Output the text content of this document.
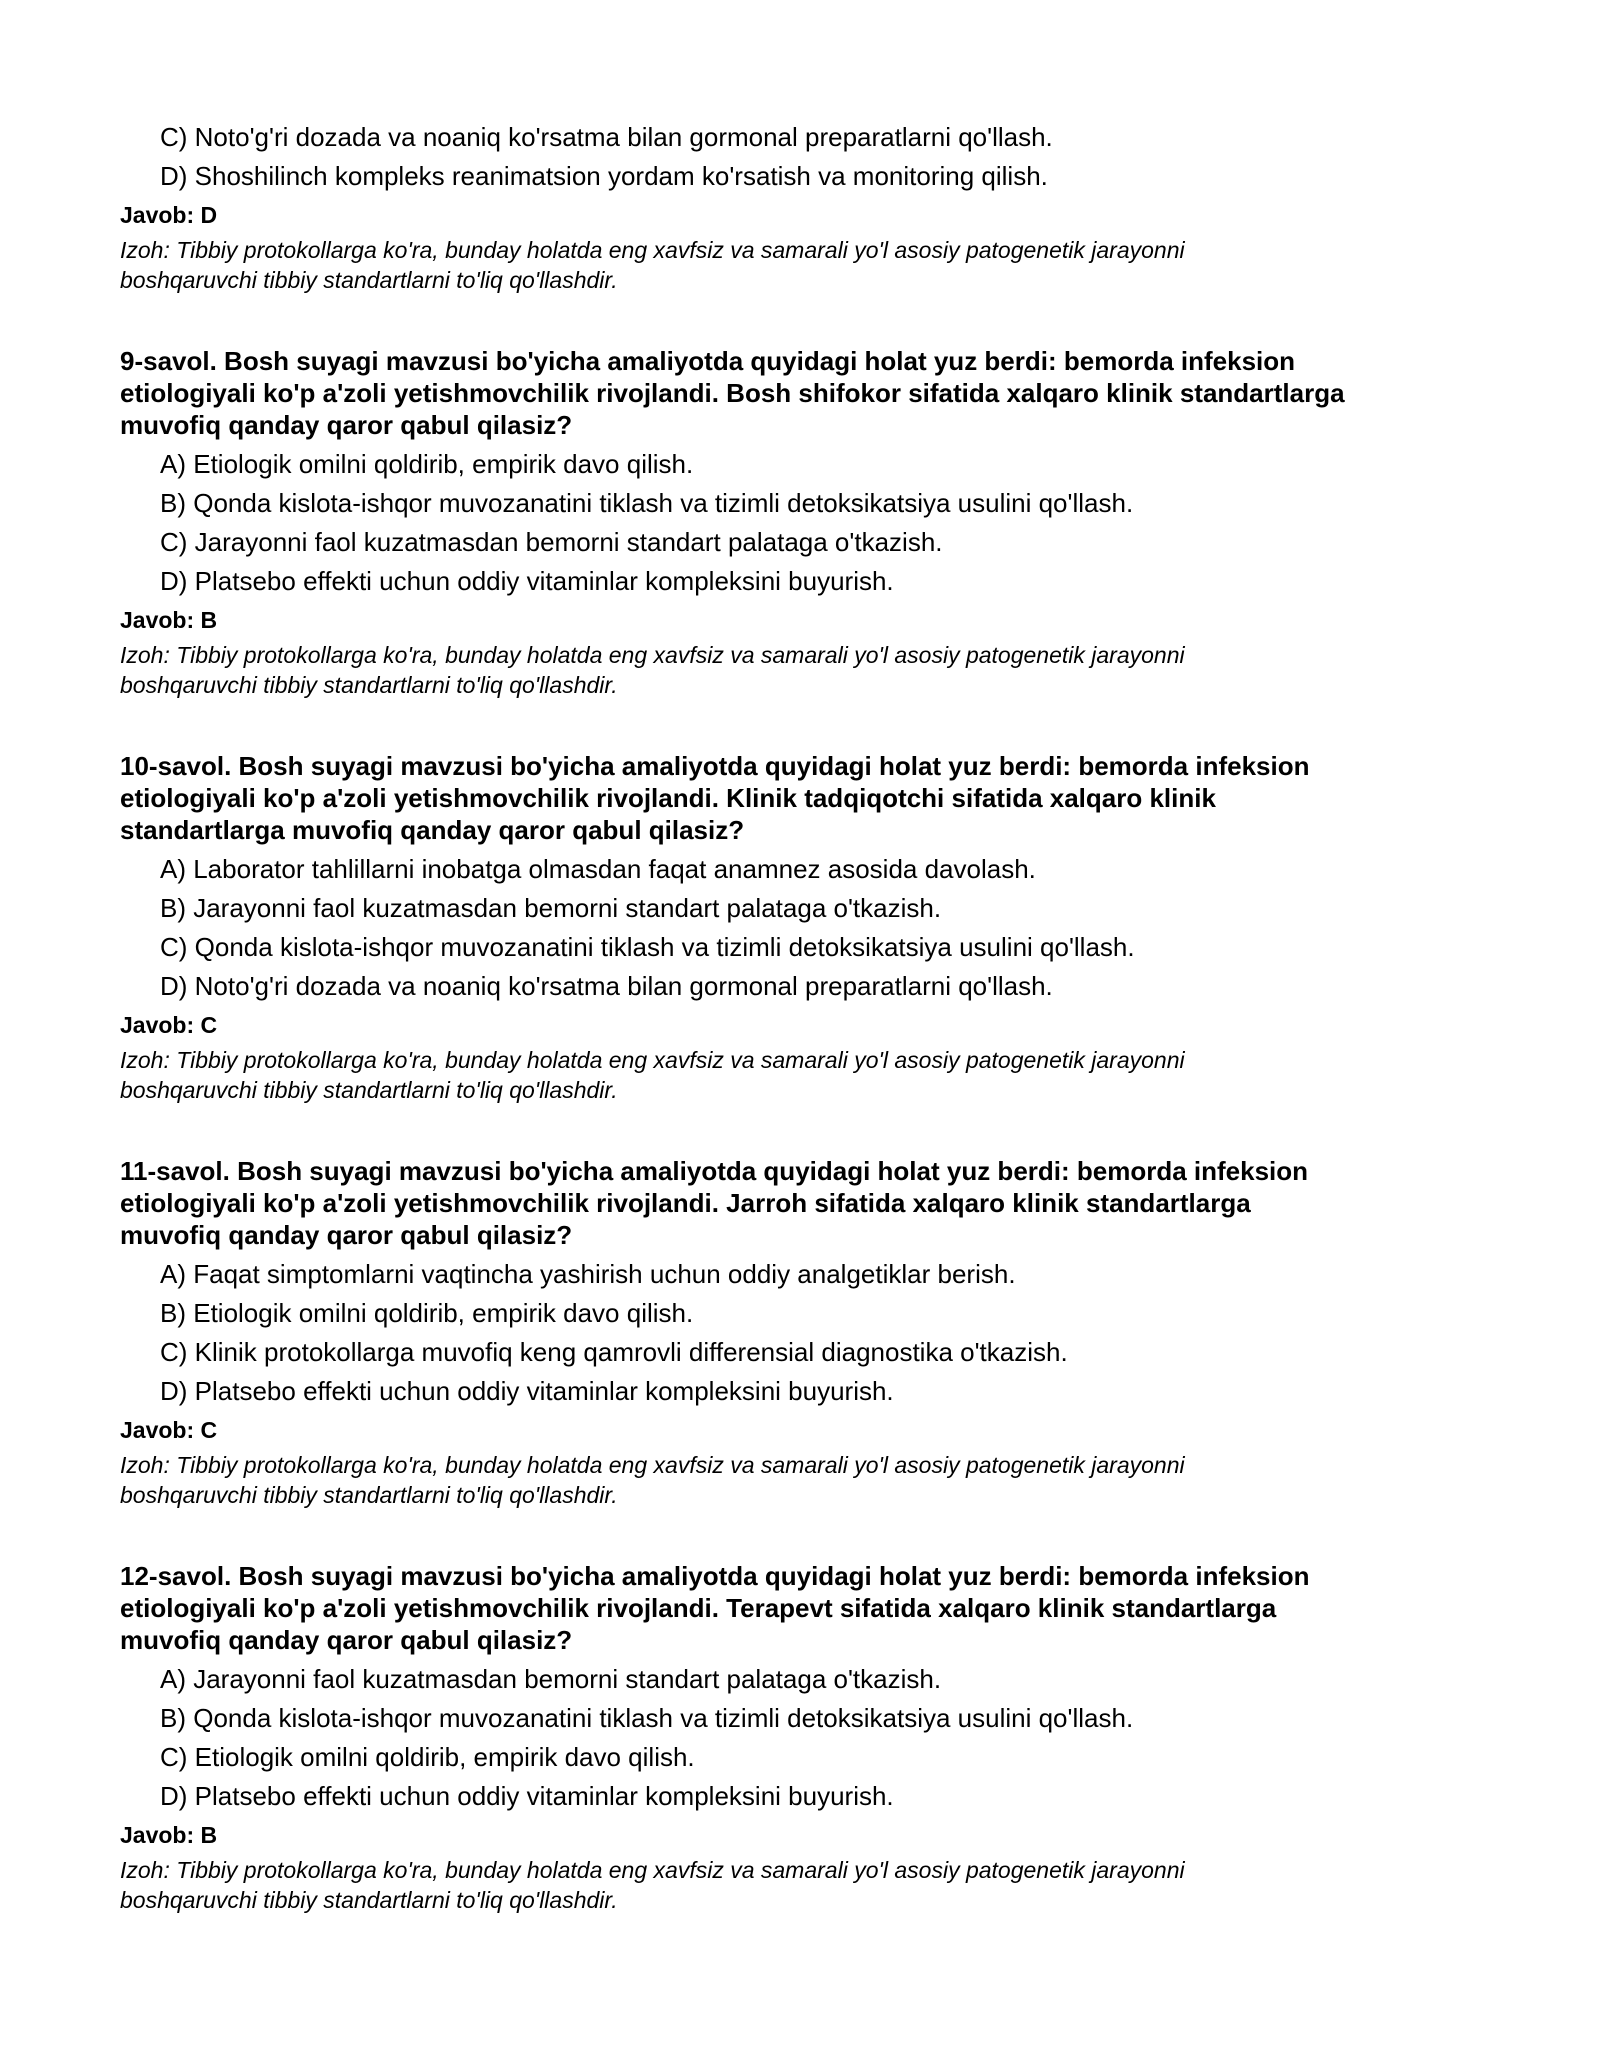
C) Noto'g'ri dozada va noaniq ko'rsatma bilan gormonal preparatlarni qo'llash.
D) Shoshilinch kompleks reanimatsion yordam ko'rsatish va monitoring qilish.
Javob: D
Izoh: Tibbiy protokollarga ko'ra, bunday holatda eng xavfsiz va samarali yo'l asosiy patogenetik jarayonni
boshqaruvchi tibbiy standartlarni to'liq qo'llashdir.
9-savol. Bosh suyagi mavzusi bo'yicha amaliyotda quyidagi holat yuz berdi: bemorda infeksion
etiologiyali ko'p a'zoli yetishmovchilik rivojlandi. Bosh shifokor sifatida xalqaro klinik standartlarga
muvofiq qanday qaror qabul qilasiz?
A) Etiologik omilni qoldirib, empirik davo qilish.
B) Qonda kislota-ishqor muvozanatini tiklash va tizimli detoksikatsiya usulini qo'llash.
C) Jarayonni faol kuzatmasdan bemorni standart palataga o'tkazish.
D) Platsebo effekti uchun oddiy vitaminlar kompleksini buyurish.
Javob: B
Izoh: Tibbiy protokollarga ko'ra, bunday holatda eng xavfsiz va samarali yo'l asosiy patogenetik jarayonni
boshqaruvchi tibbiy standartlarni to'liq qo'llashdir.
10-savol. Bosh suyagi mavzusi bo'yicha amaliyotda quyidagi holat yuz berdi: bemorda infeksion
etiologiyali ko'p a'zoli yetishmovchilik rivojlandi. Klinik tadqiqotchi sifatida xalqaro klinik
standartlarga muvofiq qanday qaror qabul qilasiz?
A) Laborator tahlillarni inobatga olmasdan faqat anamnez asosida davolash.
B) Jarayonni faol kuzatmasdan bemorni standart palataga o'tkazish.
C) Qonda kislota-ishqor muvozanatini tiklash va tizimli detoksikatsiya usulini qo'llash.
D) Noto'g'ri dozada va noaniq ko'rsatma bilan gormonal preparatlarni qo'llash.
Javob: C
Izoh: Tibbiy protokollarga ko'ra, bunday holatda eng xavfsiz va samarali yo'l asosiy patogenetik jarayonni
boshqaruvchi tibbiy standartlarni to'liq qo'llashdir.
11-savol. Bosh suyagi mavzusi bo'yicha amaliyotda quyidagi holat yuz berdi: bemorda infeksion
etiologiyali ko'p a'zoli yetishmovchilik rivojlandi. Jarroh sifatida xalqaro klinik standartlarga
muvofiq qanday qaror qabul qilasiz?
A) Faqat simptomlarni vaqtincha yashirish uchun oddiy analgetiklar berish.
B) Etiologik omilni qoldirib, empirik davo qilish.
C) Klinik protokollarga muvofiq keng qamrovli differensial diagnostika o'tkazish.
D) Platsebo effekti uchun oddiy vitaminlar kompleksini buyurish.
Javob: C
Izoh: Tibbiy protokollarga ko'ra, bunday holatda eng xavfsiz va samarali yo'l asosiy patogenetik jarayonni
boshqaruvchi tibbiy standartlarni to'liq qo'llashdir.
12-savol. Bosh suyagi mavzusi bo'yicha amaliyotda quyidagi holat yuz berdi: bemorda infeksion
etiologiyali ko'p a'zoli yetishmovchilik rivojlandi. Terapevt sifatida xalqaro klinik standartlarga
muvofiq qanday qaror qabul qilasiz?
A) Jarayonni faol kuzatmasdan bemorni standart palataga o'tkazish.
B) Qonda kislota-ishqor muvozanatini tiklash va tizimli detoksikatsiya usulini qo'llash.
C) Etiologik omilni qoldirib, empirik davo qilish.
D) Platsebo effekti uchun oddiy vitaminlar kompleksini buyurish.
Javob: B
Izoh: Tibbiy protokollarga ko'ra, bunday holatda eng xavfsiz va samarali yo'l asosiy patogenetik jarayonni
boshqaruvchi tibbiy standartlarni to'liq qo'llashdir.
